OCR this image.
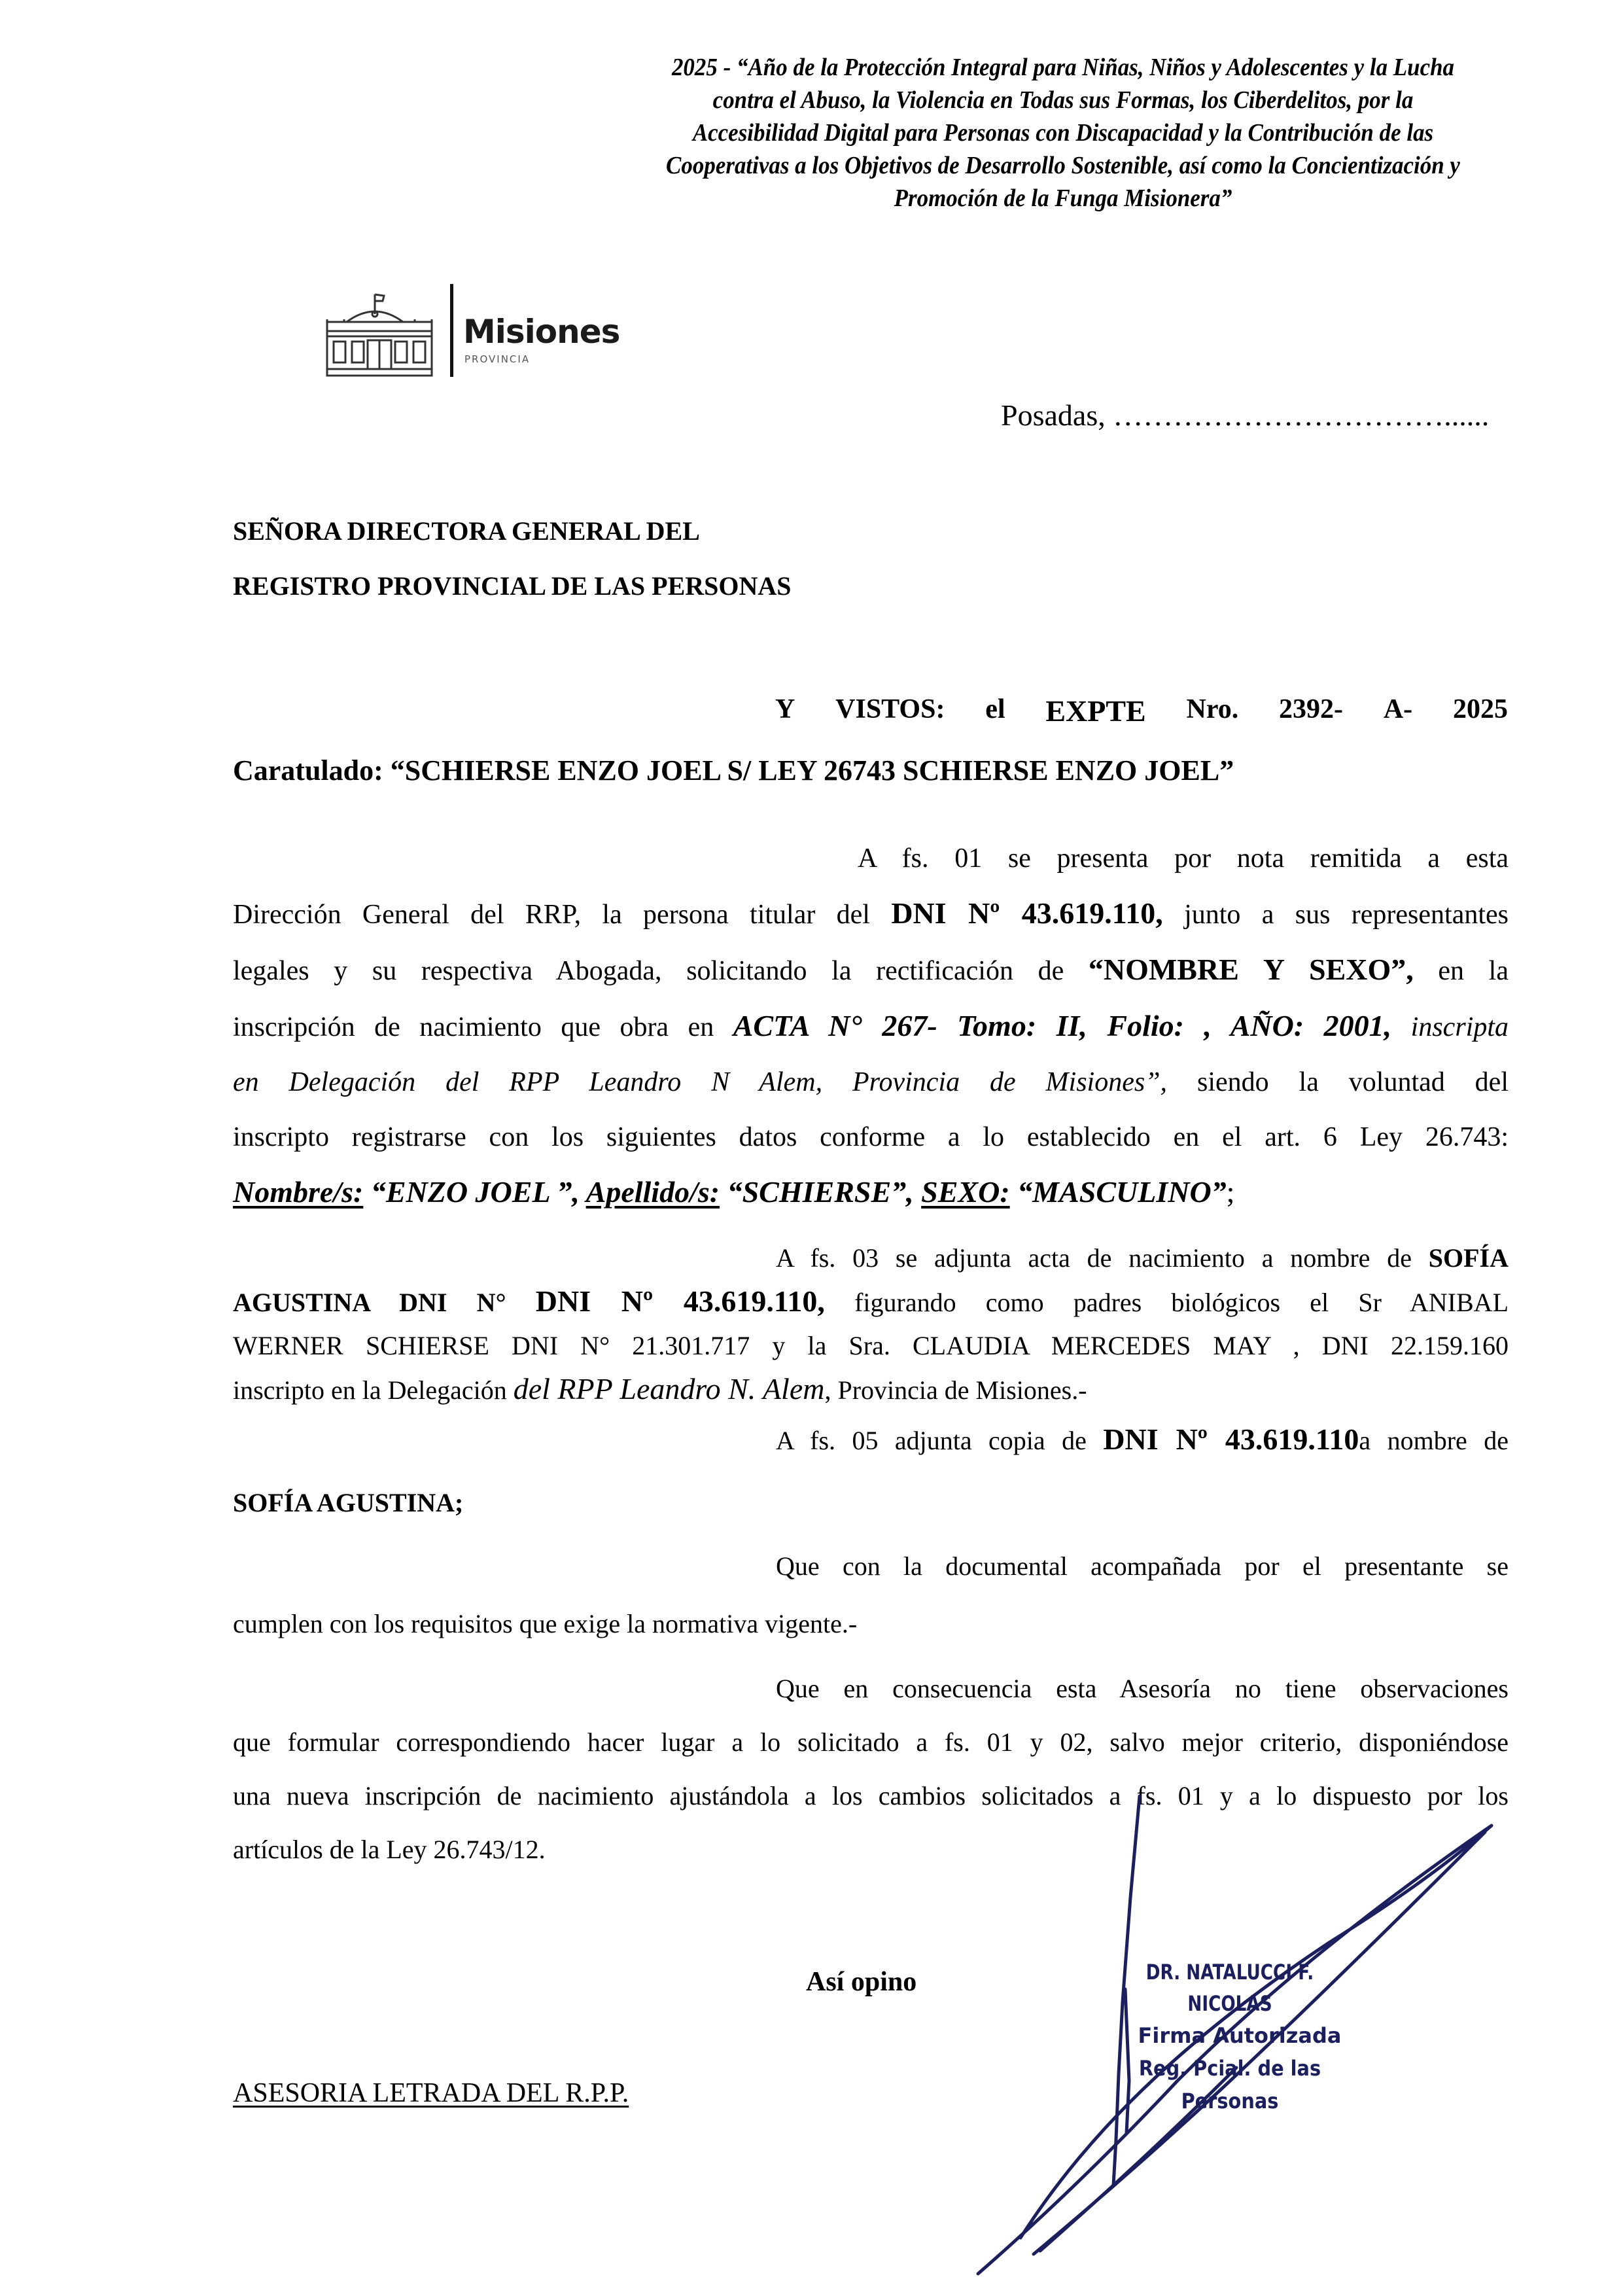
2025 - “Año de la Protección Integral para Niñas, Niños y Adolescentes y la Lucha
contra el Abuso, la Violencia en Todas sus Formas, los Ciberdelitos, por la
Accesibilidad Digital para Personas con Discapacidad y la Contribución de las
Cooperativas a los Objetivos de Desarrollo Sostenible, así como la Concientización y
Promoción de la Funga Misionera”
Misiones
PROVINCIA
Posadas, ……………………………......
SEÑORA DIRECTORA GENERAL DEL
REGISTRO PROVINCIAL DE LAS PERSONAS
Y VISTOS: el EXPTE Nro. 2392- A- 2025
Caratulado: “SCHIERSE ENZO JOEL S/ LEY 26743 SCHIERSE ENZO JOEL”
A fs. 01 se presenta por nota remitida a esta
Dirección General del RRP, la persona titular del DNI Nº 43.619.110, junto a sus representantes
legales y su respectiva Abogada, solicitando la rectificación de “NOMBRE Y SEXO”, en la
inscripción de nacimiento que obra en ACTA N° 267- Tomo: II, Folio: , AÑO: 2001, inscripta
en Delegación del RPP Leandro N Alem, Provincia de Misiones”, siendo la voluntad del
inscripto registrarse con los siguientes datos conforme a lo establecido en el art. 6 Ley 26.743:
Nombre/s: “ENZO JOEL ”, Apellido/s: “SCHIERSE”, SEXO: “MASCULINO”;
A fs. 03 se adjunta acta de nacimiento a nombre de SOFÍA
AGUSTINA DNI N° DNI Nº 43.619.110, figurando como padres biológicos el Sr ANIBAL
WERNER SCHIERSE DNI N° 21.301.717 y la Sra. CLAUDIA MERCEDES MAY , DNI 22.159.160
inscripto en la Delegación del RPP Leandro N. Alem, Provincia de Misiones.-
A fs. 05 adjunta copia de DNI Nº 43.619.110a nombre de
SOFÍA AGUSTINA;
Que con la documental acompañada por el presentante se
cumplen con los requisitos que exige la normativa vigente.-
Que en consecuencia esta Asesoría no tiene observaciones
que formular correspondiendo hacer lugar a lo solicitado a fs. 01 y 02, salvo mejor criterio, disponiéndose
una nueva inscripción de nacimiento ajustándola a los cambios solicitados a fs. 01 y a lo dispuesto por los
artículos de la Ley 26.743/12.
Así opino
ASESORIA LETRADA DEL R.P.P.
DR. NATALUCCI F. NICOLAS
Firma Autorizada
Reg. Pcial. de las Personas
